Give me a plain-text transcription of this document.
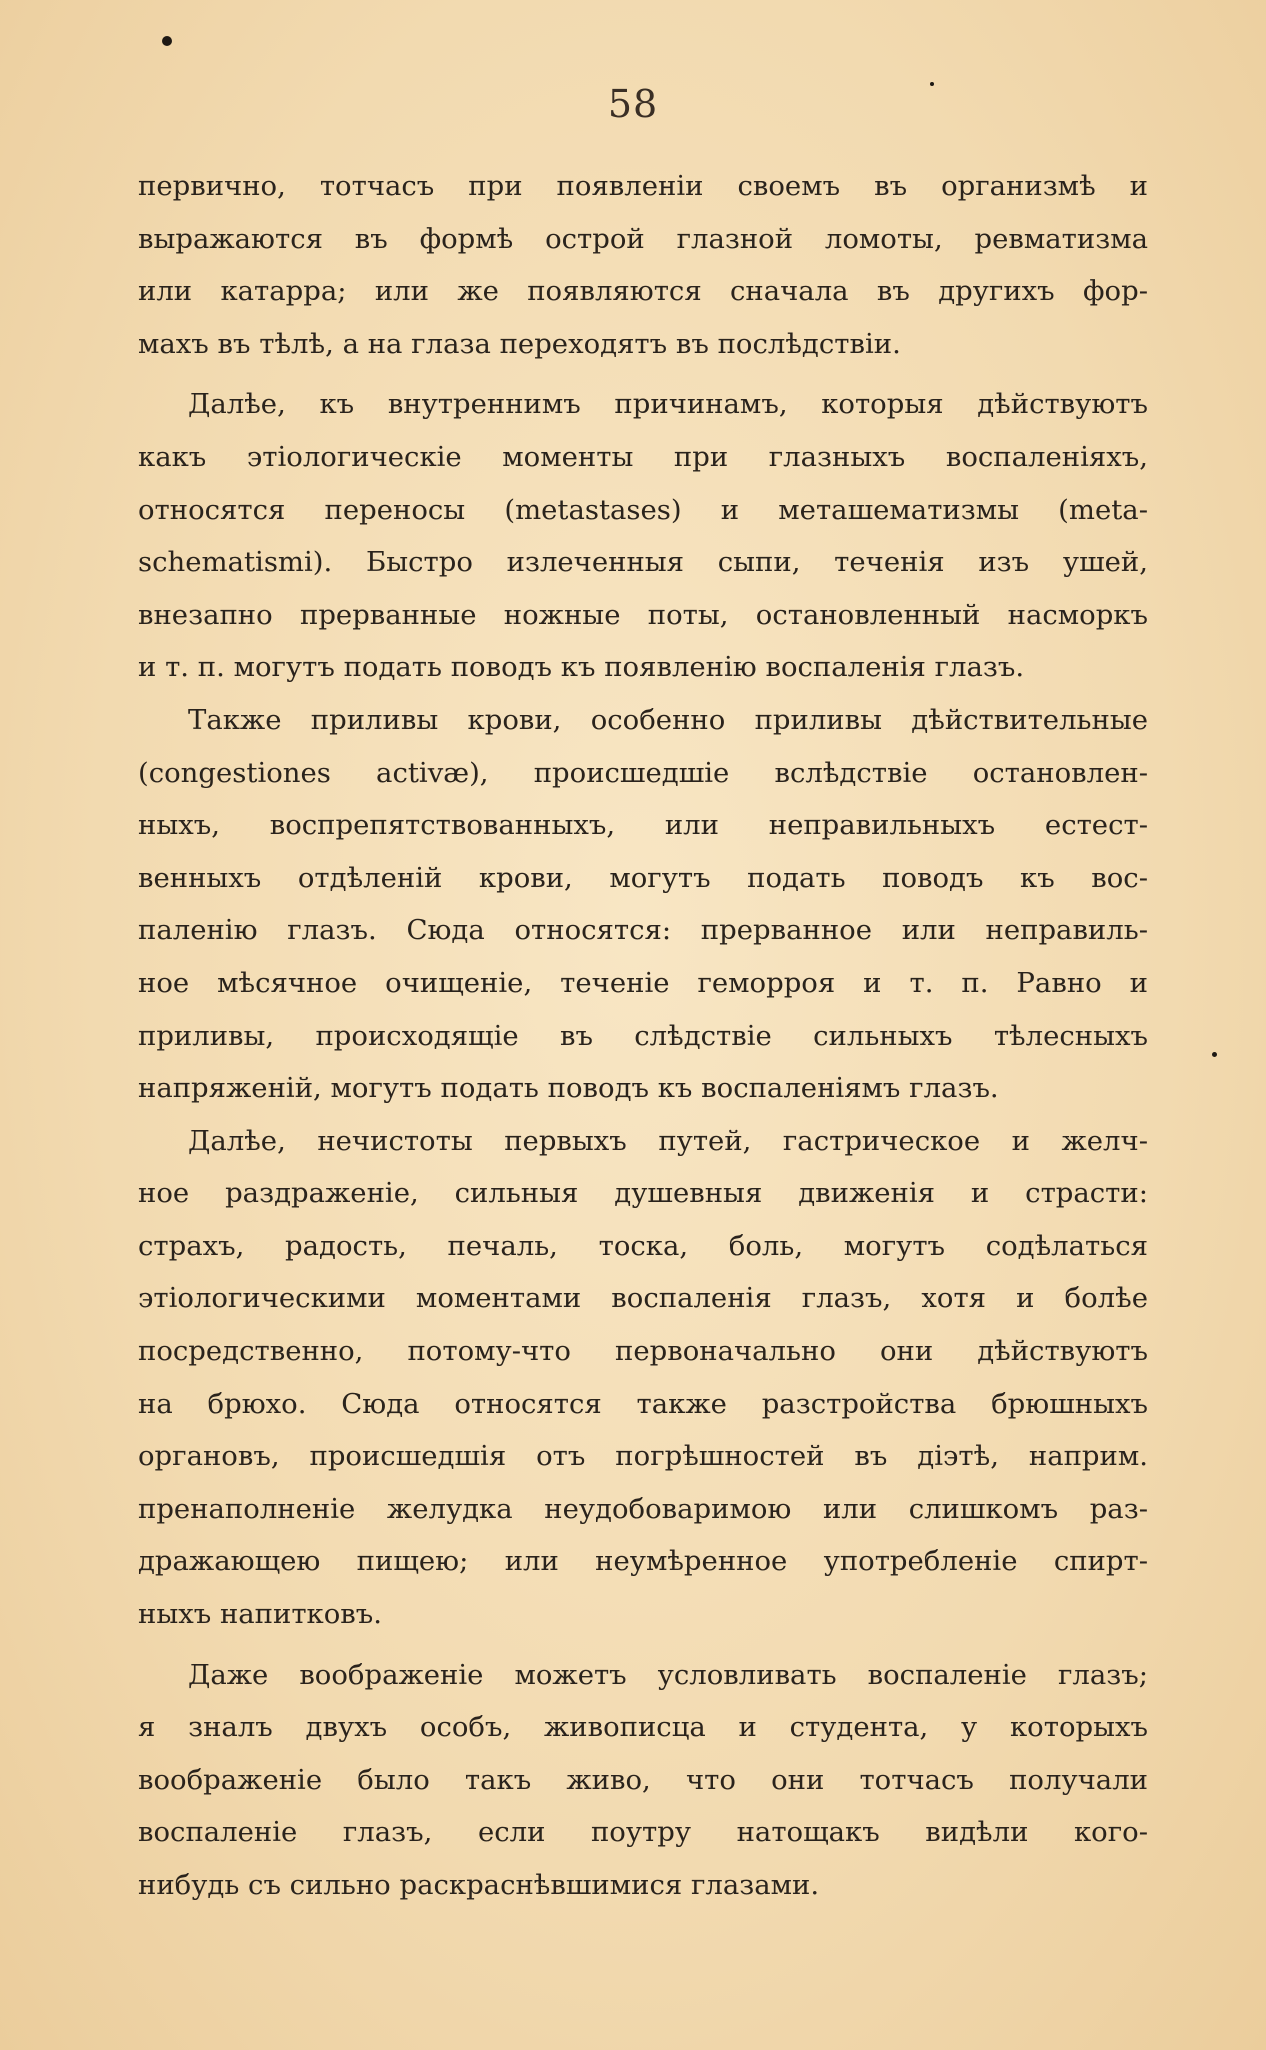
58
первично, тотчасъ при появленіи своемъ въ организмѣ и
выражаются въ формѣ острой глазной ломоты, ревматизма
или катарра; или же появляются сначала въ другихъ фор-
махъ въ тѣлѣ, а на глаза переходятъ въ послѣдствіи.
Далѣе, къ внутреннимъ причинамъ, которыя дѣйствуютъ
какъ этіологическіе моменты при глазныхъ воспаленіяхъ,
относятся переносы (metastases) и меташематизмы (meta-
schematismi). Быстро излеченныя сыпи, теченія изъ ушей,
внезапно прерванные ножные поты, остановленный насморкъ
и т. п. могутъ подать поводъ къ появленію воспаленія глазъ.
Также приливы крови, особенно приливы дѣйствительные
(congestiones activæ), происшедшіе вслѣдствіе остановлен-
ныхъ, воспрепятствованныхъ, или неправильныхъ естест-
венныхъ отдѣленій крови, могутъ подать поводъ къ вос-
паленію глазъ. Сюда относятся: прерванное или неправиль-
ное мѣсячное очищеніе, теченіе геморроя и т. п. Равно и
приливы, происходящіе въ слѣдствіе сильныхъ тѣлесныхъ
напряженій, могутъ подать поводъ къ воспаленіямъ глазъ.
Далѣе, нечистоты первыхъ путей, гастрическое и желч-
ное раздраженіе, сильныя душевныя движенія и страсти:
страхъ, радость, печаль, тоска, боль, могутъ содѣлаться
этіологическими моментами воспаленія глазъ, хотя и болѣе
посредственно, потому-что первоначально они дѣйствуютъ
на брюхо. Сюда относятся также разстройства брюшныхъ
органовъ, происшедшія отъ погрѣшностей въ діэтѣ, наприм.
пренаполненіе желудка неудобоваримою или слишкомъ раз-
дражающею пищею; или неумѣренное употребленіе спирт-
ныхъ напитковъ.
Даже воображеніе можетъ условливать воспаленіе глазъ;
я зналъ двухъ особъ, живописца и студента, у которыхъ
воображеніе было такъ живо, что они тотчасъ получали
воспаленіе глазъ, если поутру натощакъ видѣли кого-
нибудь съ сильно раскраснѣвшимися глазами.
